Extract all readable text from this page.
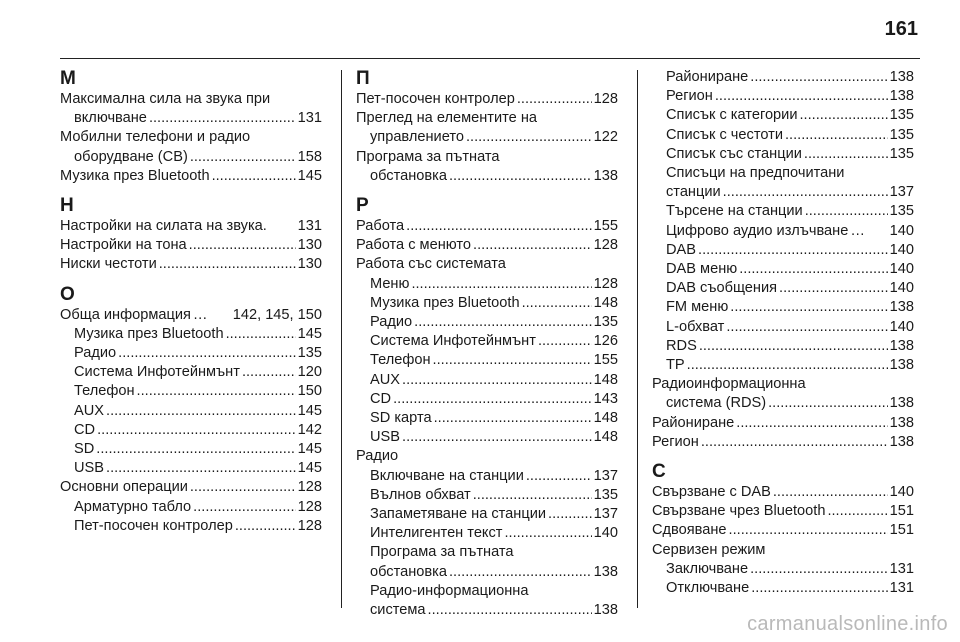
161
М
Максимална сила на звука при
включване .....	131
Мобилни телефони и радио
оборудване (CB) .....	158
Музика през Bluetooth .....	145
Н
Настройки на силата на звука. 131
Настройки на тона .....	130
Ниски честоти .....	130
О
Обща информация …	142, 145, 150
Музика през Bluetooth .....	145
Радио .....	135
Система Инфотейнмънт .....	120
Телефон .....	150
AUX .....	145
CD .....	142
SD .....	145
USB .....	145
Основни операции .....	128
Арматурно табло .....	128
Пет-посочен контролер .....	128
П
Пет-посочен контролер .....	128
Преглед на елементите на
управлението .....	122
Програма за пътната
обстановка .....	138
Р
Работа .....	155
Работа с менюто .....	128
Работа със системата
Меню .....	128
Музика през Bluetooth .....	148
Радио .....	135
Система Инфотейнмънт .....	126
Телефон .....	155
AUX .....	148
CD .....	143
SD карта .....	148
USB .....	148
Радио
Включване на станции .....	137
Вълнов обхват .....	135
Запаметяване на станции .....	137
Интелигентен текст .....	140
Програма за пътната
обстановка .....	138
Радио-информационна
система .....	138
Райониране .....	138
Регион .....	138
Списък с категории .....	135
Списък с честоти .....	135
Списък със станции .....	135
Списъци на предпочитани
станции .....	137
Търсене на станции .....	135
Цифрово аудио излъчване …	140
DAB .....	140
DAB меню .....	140
DAB съобщения .....	140
FM меню .....	138
L-обхват .....	140
RDS .....	138
TP .....	138
Радиоинформационна
система (RDS) .....	138
Райониране .....	138
Регион .....	138
С
Свързване с DAB .....	140
Свързване чрез Bluetooth .....	151
Сдвояване .....	151
Сервизен режим
Заключване .....	131
Отключване .....	131
carmanualsonline.info
